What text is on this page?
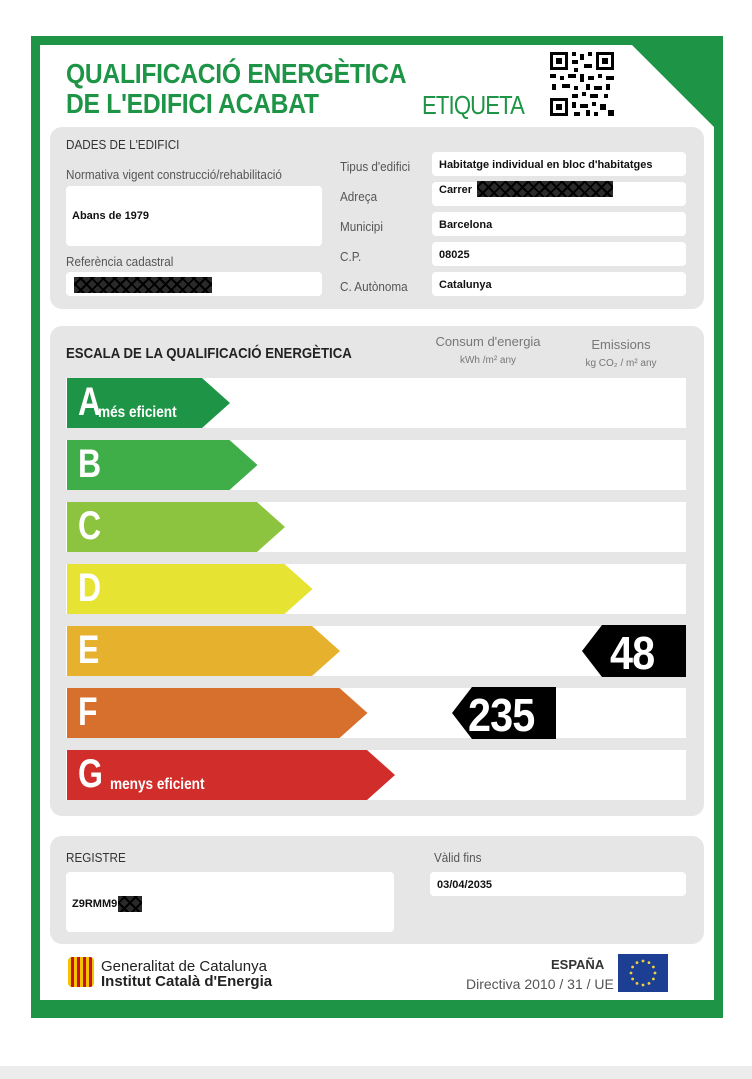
QUALIFICACIÓ ENERGÈTICA
DE L'EDIFICI ACABAT	ETIQUETA
DADES DE L'EDIFICI
Normativa vigent construcció/rehabilitació
Abans de 1979
Referència cadastral
Tipus d'edifici	Habitatge individual en bloc d'habitatges
Adreça	Carrer
Municipi	Barcelona
C.P.	08025
C. Autònoma	Catalunya
ESCALA DE LA QUALIFICACIÓ ENERGÈTICA
Consum d'energia
kWh /m² any
Emissions
kg CO₂ / m² any
A
més eficient
B
C
D
E
F
G menys eficient
48
235
REGISTRE
Z9RMM9
Vàlid fins
03/04/2035
Generalitat de Catalunya
Institut Català d'Energia
ESPAÑA
Directiva 2010 / 31 / UE
